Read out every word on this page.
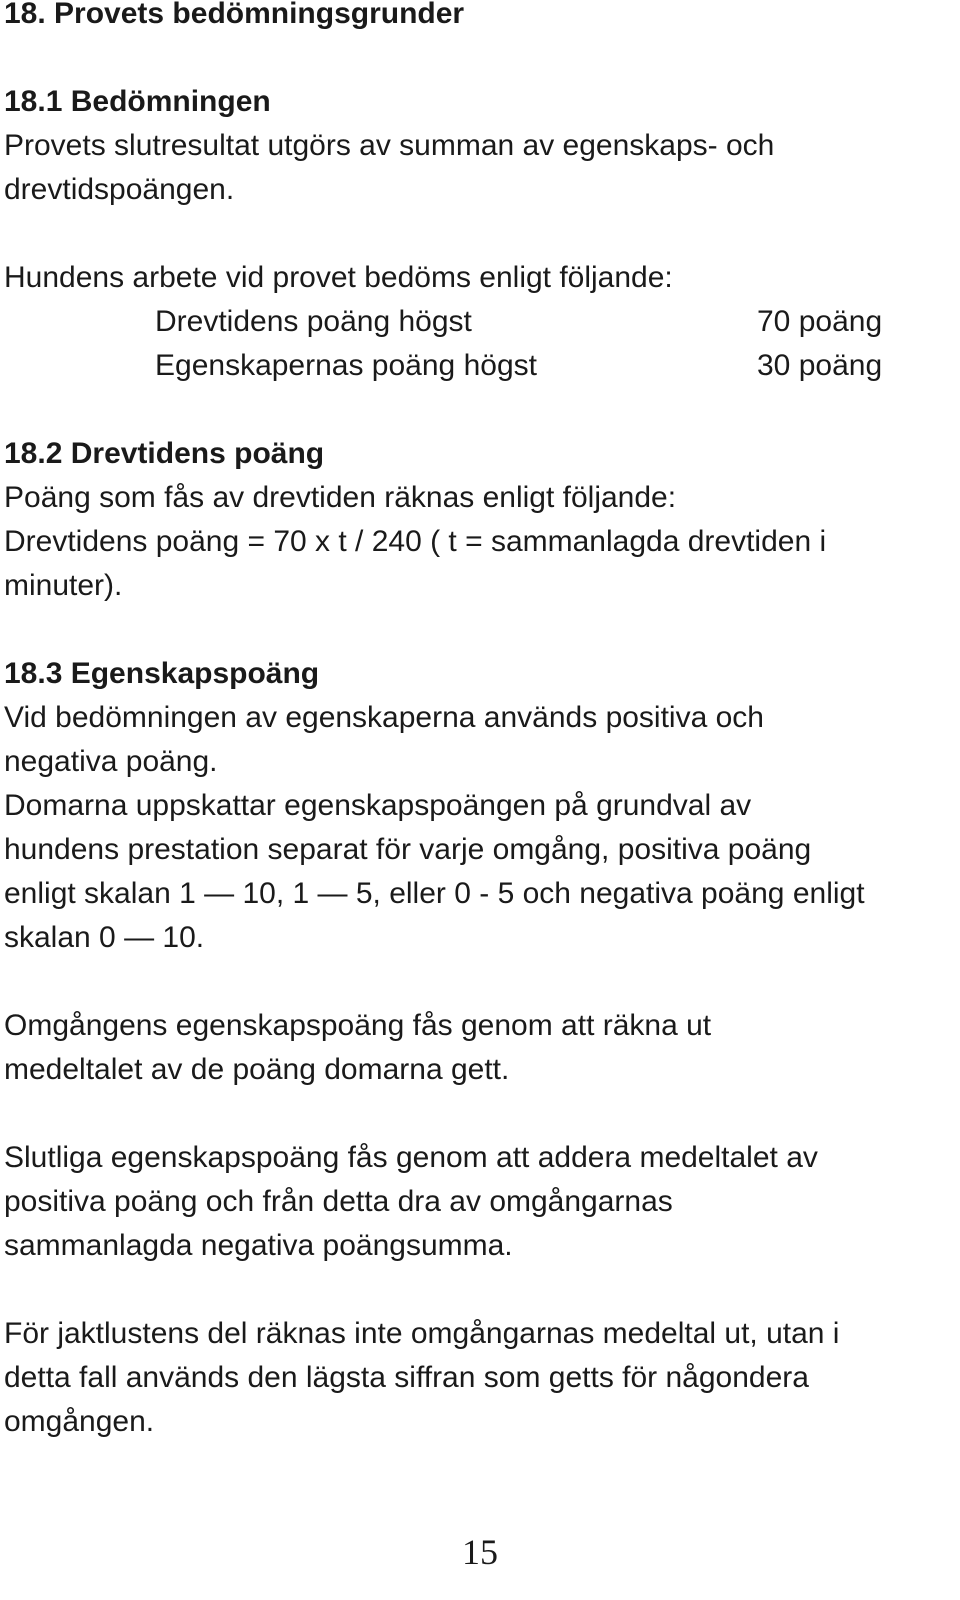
18. Provets bedömningsgrunder
18.1 Bedömningen
Provets slutresultat utgörs av summan av egenskaps- och
drevtidspoängen.
Hundens arbete vid provet bedöms enligt följande:
Drevtidens poäng högst	70 poäng
Egenskapernas poäng högst	30 poäng
18.2 Drevtidens poäng
Poäng som fås av drevtiden räknas enligt följande:
Drevtidens poäng = 70 x t / 240 ( t = sammanlagda drevtiden i
minuter).
18.3 Egenskapspoäng
Vid bedömningen av egenskaperna används positiva och
negativa poäng.
Domarna uppskattar egenskapspoängen på grundval av
hundens prestation separat för varje omgång, positiva poäng
enligt skalan 1 — 10, 1 — 5, eller 0 - 5 och negativa poäng enligt
skalan 0 — 10.
Omgångens egenskapspoäng fås genom att räkna ut
medeltalet av de poäng domarna gett.
Slutliga egenskapspoäng fås genom att addera medeltalet av
positiva poäng och från detta dra av omgångarnas
sammanlagda negativa poängsumma.
För jaktlustens del räknas inte omgångarnas medeltal ut, utan i
detta fall används den lägsta siffran som getts för någondera
omgången.
15
